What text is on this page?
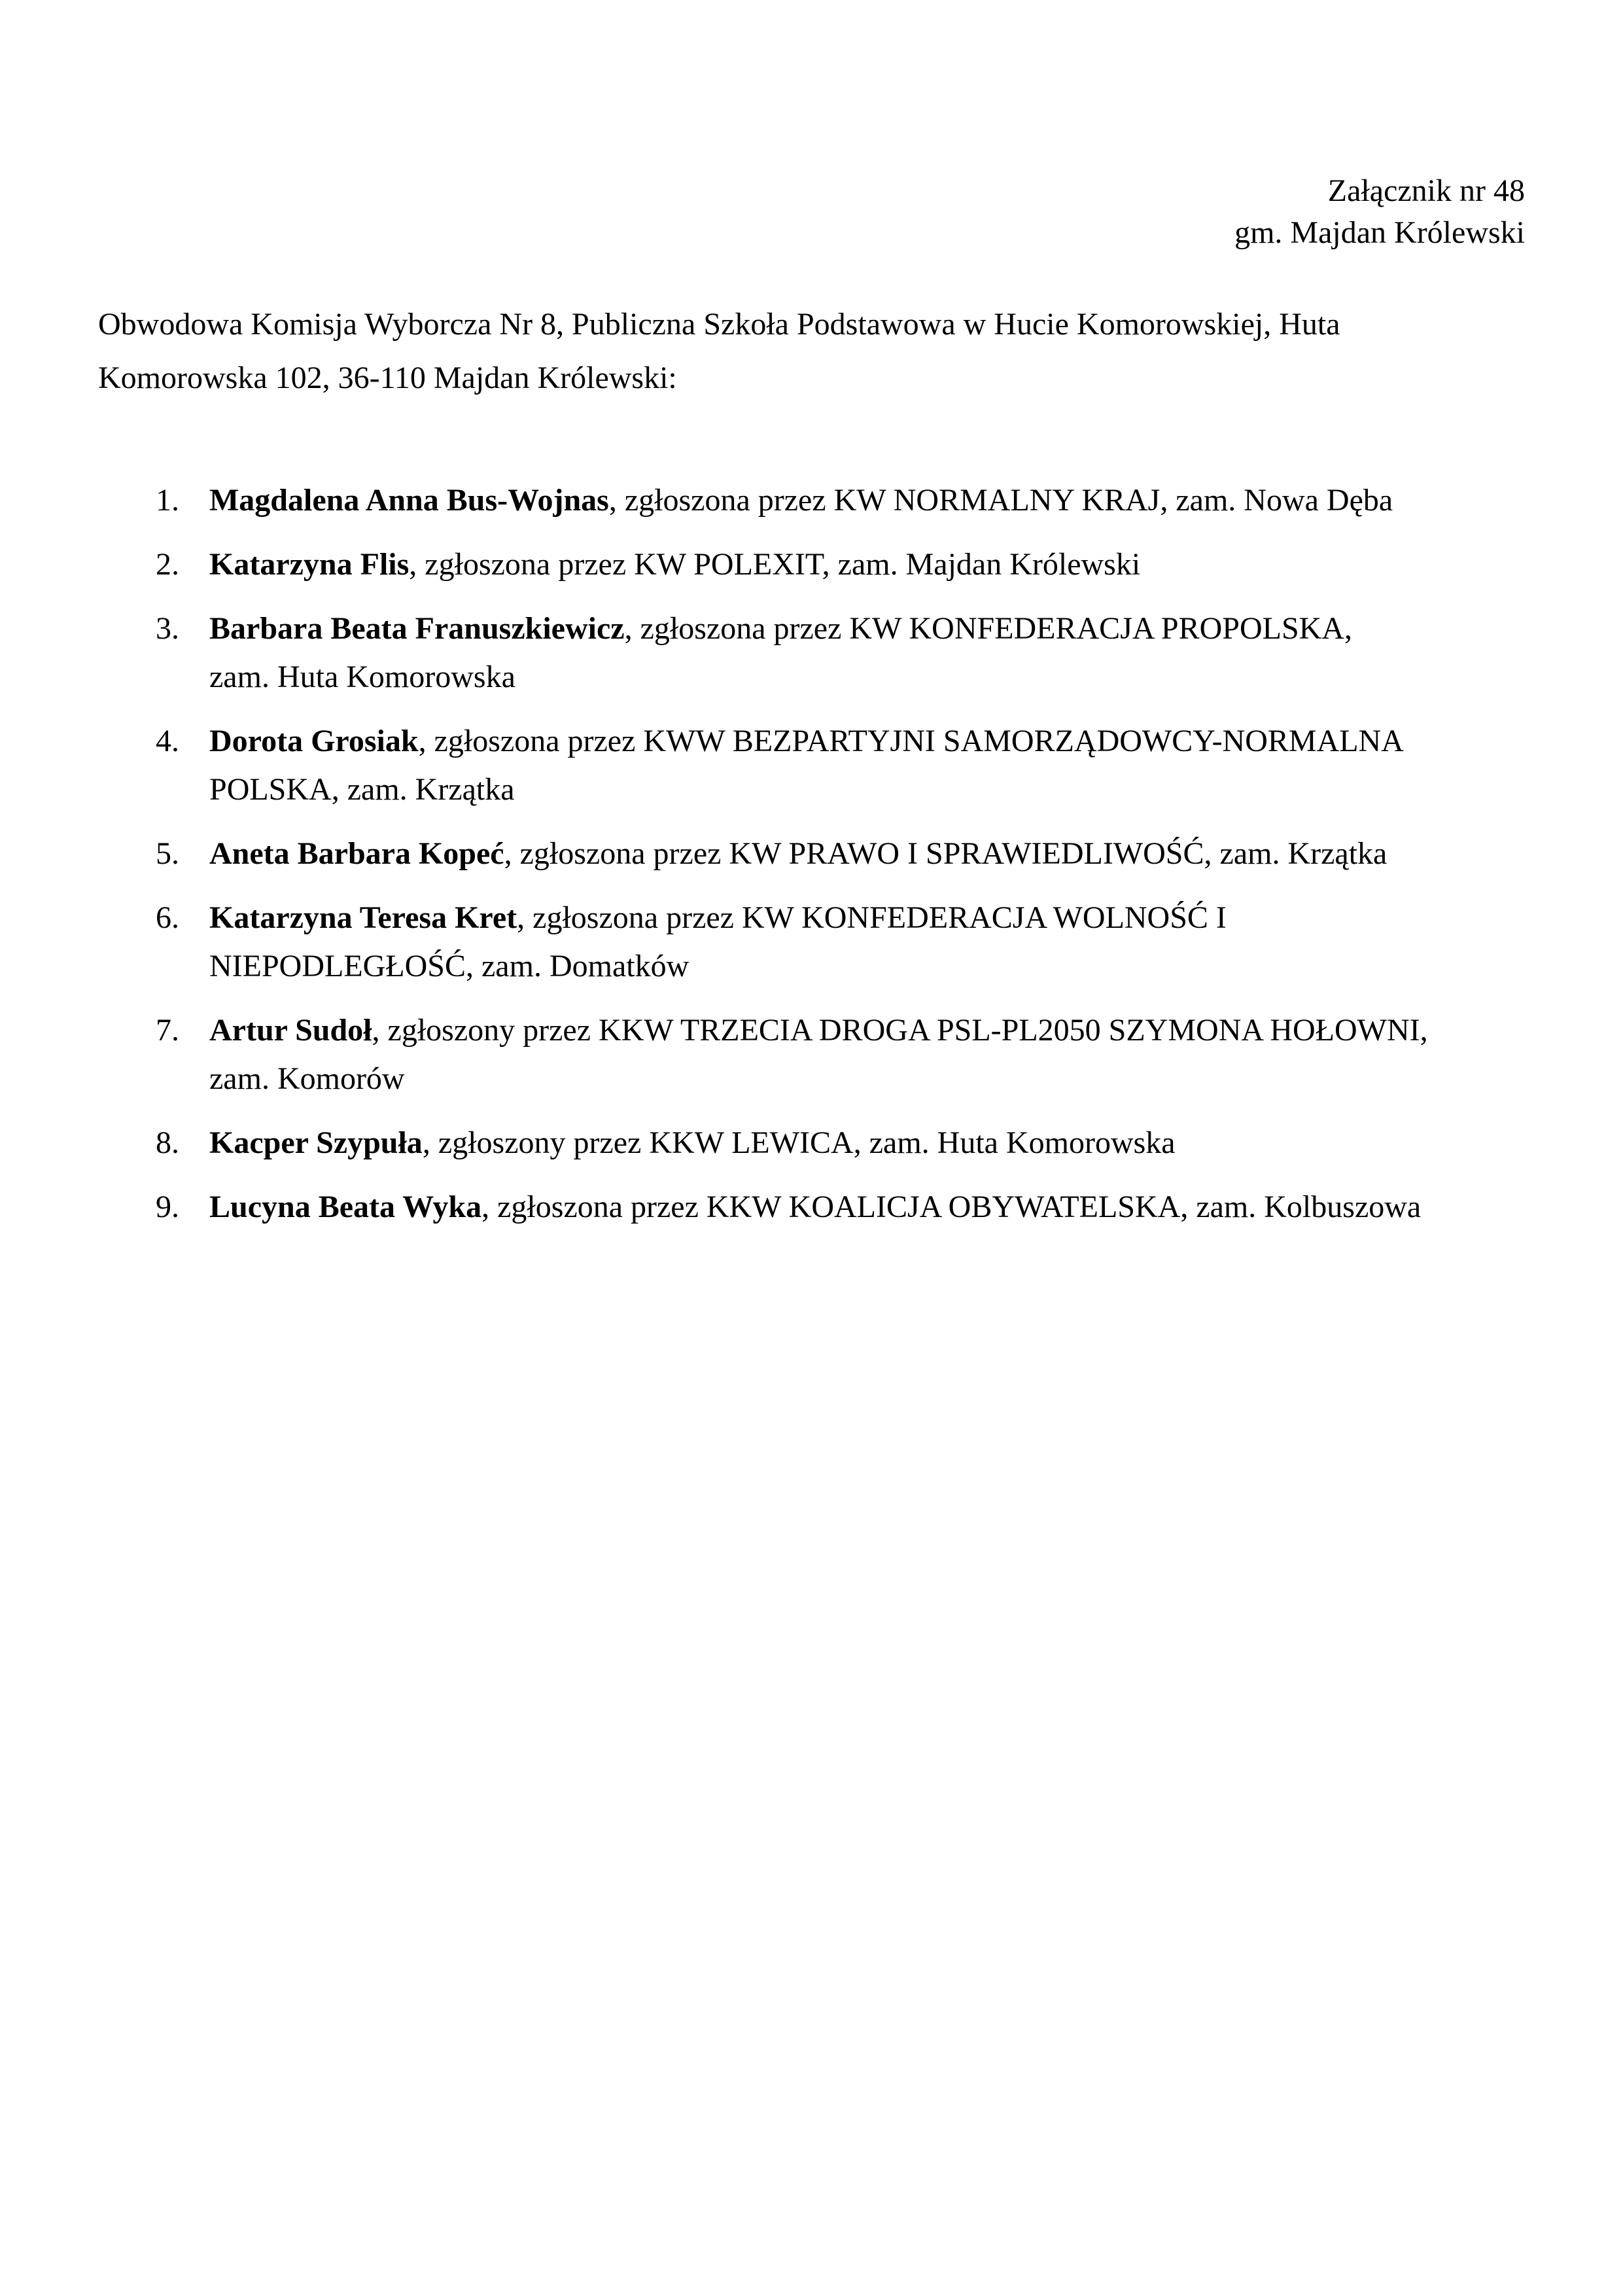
Załącznik nr 48
gm. Majdan Królewski
Obwodowa Komisja Wyborcza Nr 8, Publiczna Szkoła Podstawowa w Hucie Komorowskiej, Huta
Komorowska 102, 36-110 Majdan Królewski:
1. Magdalena Anna Bus-Wojnas, zgłoszona przez KW NORMALNY KRAJ, zam. Nowa Dęba
2. Katarzyna Flis, zgłoszona przez KW POLEXIT, zam. Majdan Królewski
3. Barbara Beata Franuszkiewicz, zgłoszona przez KW KONFEDERACJA PROPOLSKA,
zam. Huta Komorowska
4. Dorota Grosiak, zgłoszona przez KWW BEZPARTYJNI SAMORZĄDOWCY-NORMALNA
POLSKA, zam. Krzątka
5. Aneta Barbara Kopeć, zgłoszona przez KW PRAWO I SPRAWIEDLIWOŚĆ, zam. Krzątka
6. Katarzyna Teresa Kret, zgłoszona przez KW KONFEDERACJA WOLNOŚĆ I
NIEPODLEGŁOŚĆ, zam. Domatków
7. Artur Sudoł, zgłoszony przez KKW TRZECIA DROGA PSL-PL2050 SZYMONA HOŁOWNI,
zam. Komorów
8. Kacper Szypuła, zgłoszony przez KKW LEWICA, zam. Huta Komorowska
9. Lucyna Beata Wyka, zgłoszona przez KKW KOALICJA OBYWATELSKA, zam. Kolbuszowa
